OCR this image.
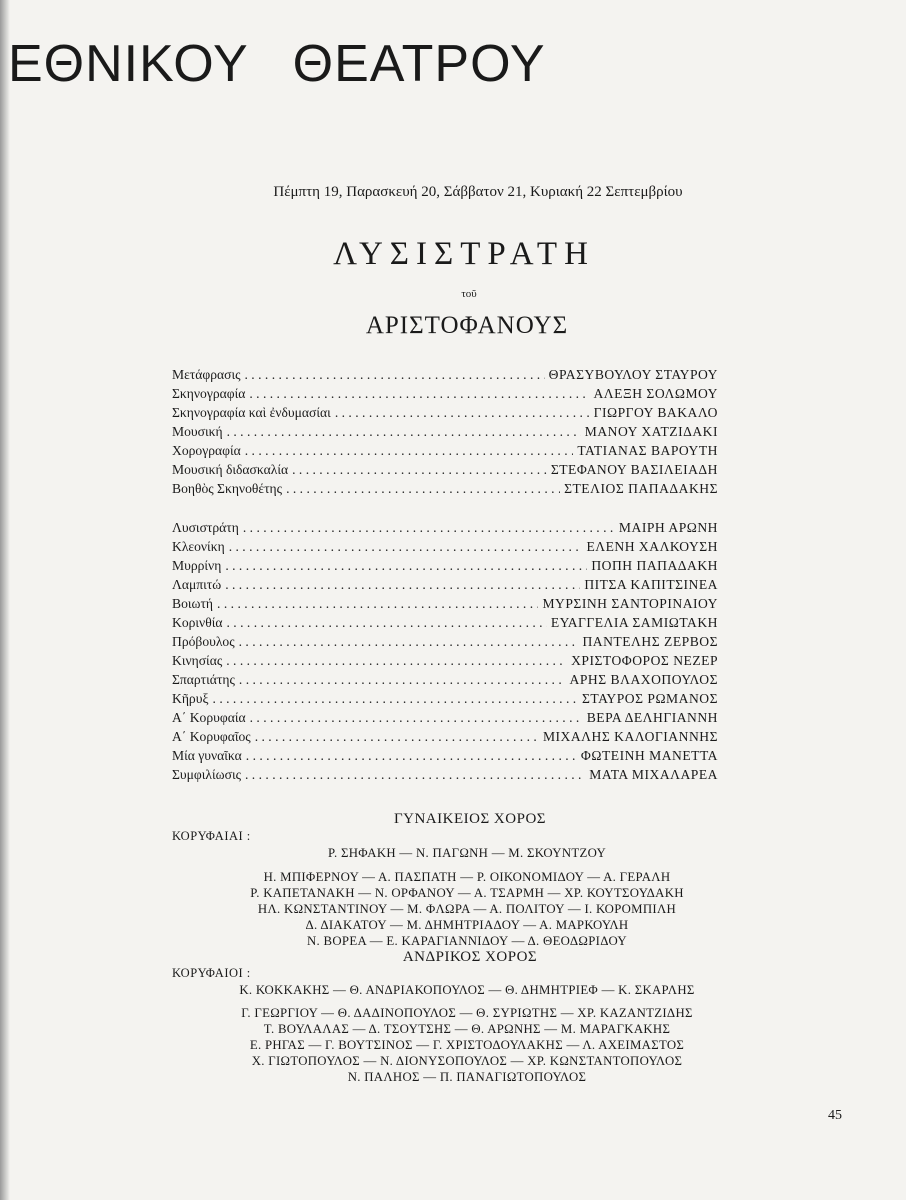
ΕΘΝΙΚΟΥ ΘΕΑΤΡΟΥ
Πέμπτη 19, Παρασκευή 20, Σάββατον 21, Κυριακή 22 Σεπτεμβρίου
ΛΥΣΙΣΤΡΑΤΗ
τοῦ
ΑΡΙΣΤΟΦΑΝΟΥΣ
Μετάφρασις . . .	ΘΡΑΣΥΒΟΥΛΟΥ ΣΤΑΥΡΟΥ
Σκηνογραφία . . .	ΑΛΕΞΗ ΣΟΛΩΜΟΥ
Σκηνογραφία καὶ ἐνδυμασίαι . . .	ΓΙΩΡΓΟΥ ΒΑΚΑΛΟ
Μουσική . . .	ΜΑΝΟΥ ΧΑΤΖΙΔΑΚΙ
Χορογραφία . . .	ΤΑΤΙΑΝΑΣ ΒΑΡΟΥΤΗ
Μουσική διδασκαλία . . .	ΣΤΕΦΑΝΟΥ ΒΑΣΙΛΕΙΑΔΗ
Βοηθὸς Σκηνοθέτης . . .	ΣΤΕΛΙΟΣ ΠΑΠΑΔΑΚΗΣ
Λυσιστράτη . . .	ΜΑΙΡΗ ΑΡΩΝΗ
Κλεονίκη . . .	ΕΛΕΝΗ ΧΑΛΚΟΥΣΗ
Μυρρίνη . . .	ΠΟΠΗ ΠΑΠΑΔΑΚΗ
Λαμπιτώ . . .	ΠΙΤΣΑ ΚΑΠΙΤΣΙΝΕΑ
Βοιωτή . . .	ΜΥΡΣΙΝΗ ΣΑΝΤΟΡΙΝΑΙΟΥ
Κορινθία . . .	ΕΥΑΓΓΕΛΙΑ ΣΑΜΙΩΤΑΚΗ
Πρόβουλος . . .	ΠΑΝΤΕΛΗΣ ΖΕΡΒΟΣ
Κινησίας . . .	ΧΡΙΣΤΟΦΟΡΟΣ ΝΕΖΕΡ
Σπαρτιάτης . . .	ΑΡΗΣ ΒΛΑΧΟΠΟΥΛΟΣ
Κῆρυξ . . .	ΣΤΑΥΡΟΣ ΡΩΜΑΝΟΣ
Α΄ Κορυφαία . . .	ΒΕΡΑ ΔΕΛΗΓΙΑΝΝΗ
Α΄ Κορυφαῖος . . .	ΜΙΧΑΛΗΣ ΚΑΛΟΓΙΑΝΝΗΣ
Μία γυναῖκα . . .	ΦΩΤΕΙΝΗ ΜΑΝΕΤΤΑ
Συμφιλίωσις . . .	ΜΑΤΑ ΜΙΧΑΛΑΡΕΑ
ΓΥΝΑΙΚΕΙΟΣ ΧΟΡΟΣ
ΚΟΡΥΦΑΙΑΙ :
Ρ. ΣΗΦΑΚΗ — Ν. ΠΑΓΩΝΗ — Μ. ΣΚΟΥΝΤΖΟΥ
Η. ΜΠΙΦΕΡΝΟΥ — Α. ΠΑΣΠΑΤΗ — Ρ. ΟΙΚΟΝΟΜΙΔΟΥ — Α. ΓΕΡΑΛΗ
Ρ. ΚΑΠΕΤΑΝΑΚΗ — Ν. ΟΡΦΑΝΟΥ — Α. ΤΣΑΡΜΗ — ΧΡ. ΚΟΥΤΣΟΥΔΑΚΗ
ΗΛ. ΚΩΝΣΤΑΝΤΙΝΟΥ — Μ. ΦΛΩΡΑ — Α. ΠΟΛΙΤΟΥ — Ι. ΚΟΡΟΜΠΙΛΗ
Δ. ΔΙΑΚΑΤΟΥ — Μ. ΔΗΜΗΤΡΙΑΔΟΥ — Α. ΜΑΡΚΟΥΛΗ
Ν. ΒΟΡΕΑ — Ε. ΚΑΡΑΓΙΑΝΝΙΔΟΥ — Δ. ΘΕΟΔΩΡΙΔΟΥ
ΑΝΔΡΙΚΟΣ ΧΟΡΟΣ
ΚΟΡΥΦΑΙΟΙ :
Κ. ΚΟΚΚΑΚΗΣ — Θ. ΑΝΔΡΙΑΚΟΠΟΥΛΟΣ — Θ. ΔΗΜΗΤΡΙΕΦ — Κ. ΣΚΑΡΛΗΣ
Γ. ΓΕΩΡΓΙΟΥ — Θ. ΔΑΔΙΝΟΠΟΥΛΟΣ — Θ. ΣΥΡΙΩΤΗΣ — ΧΡ. ΚΑΖΑΝΤΖΙΔΗΣ
Τ. ΒΟΥΛΑΛΑΣ — Δ. ΤΣΟΥΤΣΗΣ — Θ. ΑΡΩΝΗΣ — Μ. ΜΑΡΑΓΚΑΚΗΣ
Ε. ΡΗΓΑΣ — Γ. ΒΟΥΤΣΙΝΟΣ — Γ. ΧΡΙΣΤΟΔΟΥΛΑΚΗΣ — Λ. ΑΧΕΙΜΑΣΤΟΣ
Χ. ΓΙΩΤΟΠΟΥΛΟΣ — Ν. ΔΙΟΝΥΣΟΠΟΥΛΟΣ — ΧΡ. ΚΩΝΣΤΑΝΤΟΠΟΥΛΟΣ
Ν. ΠΑΛΗΟΣ — Π. ΠΑΝΑΓΙΩΤΟΠΟΥΛΟΣ
45
